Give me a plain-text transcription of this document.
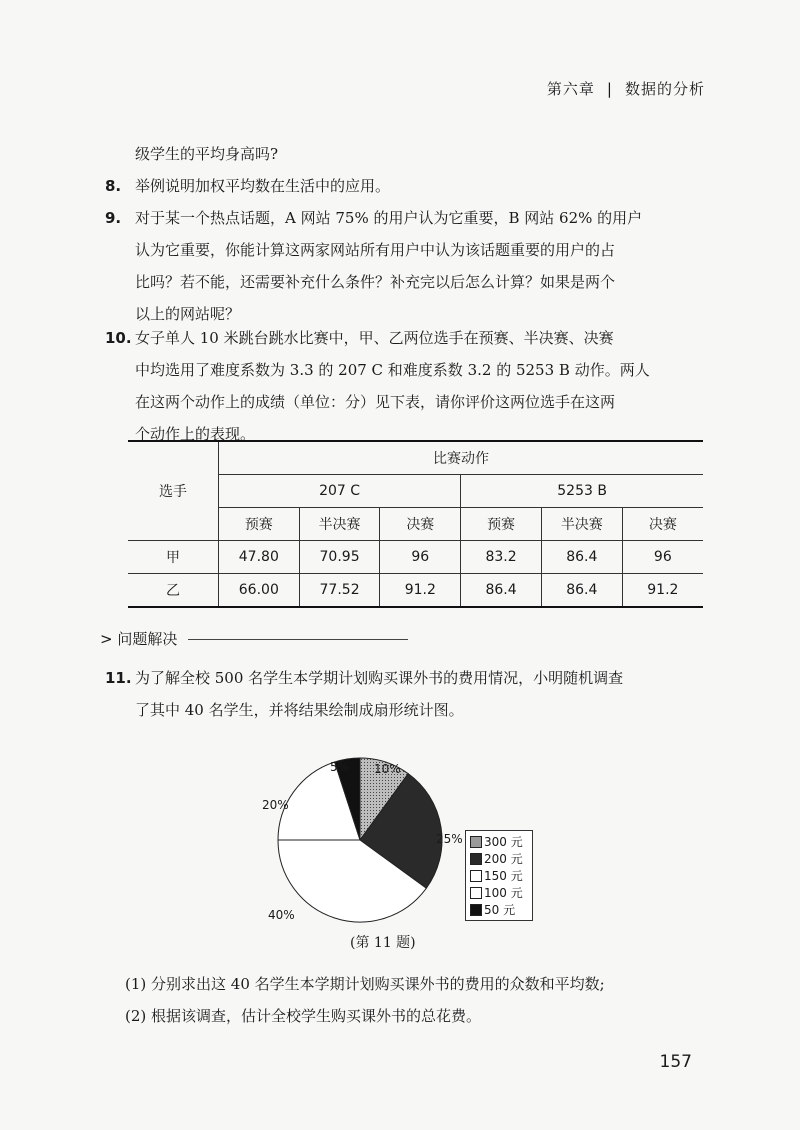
第六章 | 数据的分析
级学生的平均身高吗?
8. 举例说明加权平均数在生活中的应用。
9. 对于某一个热点话题，A 网站 75% 的用户认为它重要，B 网站 62% 的用户
认为它重要，你能计算这两家网站所有用户中认为该话题重要的用户的占
比吗？若不能，还需要补充什么条件？补充完以后怎么计算？如果是两个
以上的网站呢？
10. 女子单人 10 米跳台跳水比赛中，甲、乙两位选手在预赛、半决赛、决赛
中均选用了难度系数为 3.3 的 207 C 和难度系数 3.2 的 5253 B 动作。两人
在这两个动作上的成绩（单位：分）见下表，请你评价这两位选手在这两
个动作上的表现。
选手	比赛动作					
	207 C			5253 B		
	预赛	半决赛	决赛	预赛	半决赛	决赛
甲	47.80	70.95	96	83.2	86.4	96
乙	66.00	77.52	91.2	86.4	86.4	91.2
> 问题解决
11. 为了解全校 500 名学生本学期计划购买课外书的费用情况，小明随机调查
了其中 40 名学生，并将结果绘制成扇形统计图。
5% 10%
25%
40%
20%
300 元
200 元
150 元
100 元
50 元
(第 11 题)
(1) 分别求出这 40 名学生本学期计划购买课外书的费用的众数和平均数;
(2) 根据该调查，估计全校学生购买课外书的总花费。
157
